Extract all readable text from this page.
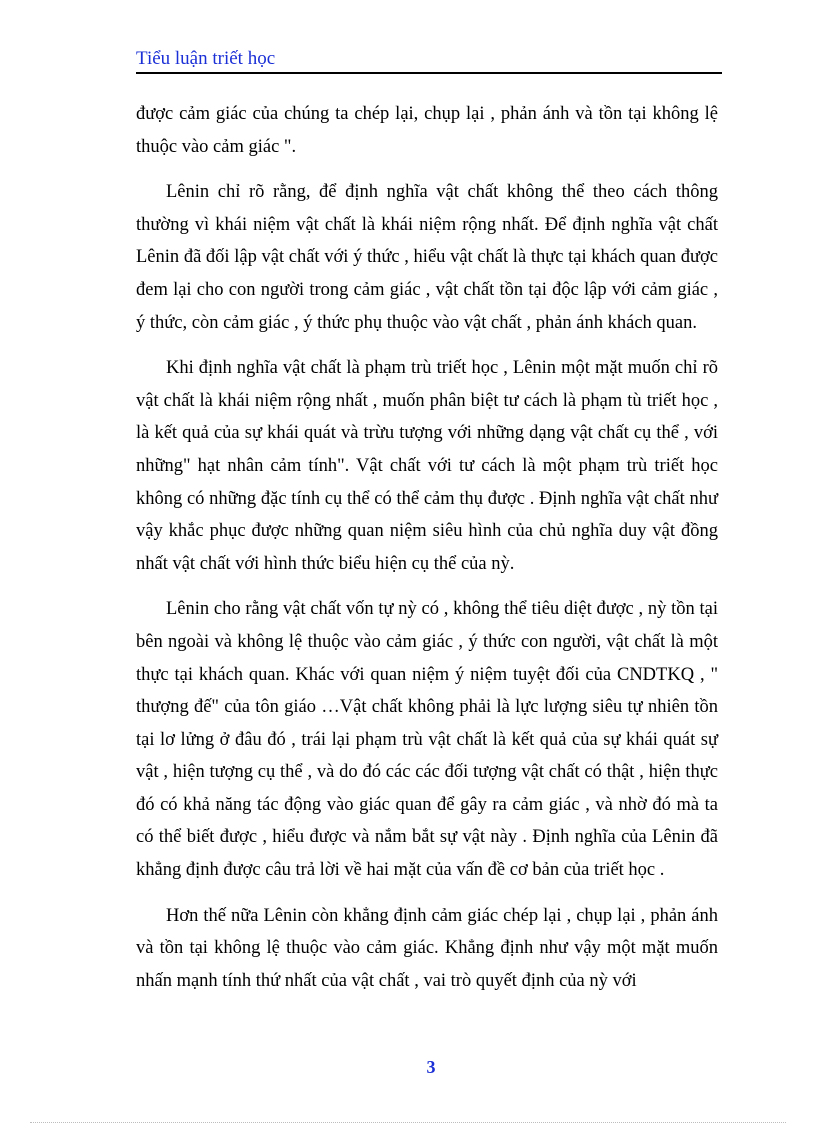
Tiểu luận triết học

được cảm giác của chúng ta chép lại, chụp lại , phản ánh và tồn tại không lệ thuộc vào cảm giác ".

Lênin chỉ rõ rằng, để định nghĩa vật chất không thể theo cách thông thường vì khái niệm vật chất là khái niệm rộng nhất. Để định nghĩa vật chất Lênin đã đối lập vật chất với ý thức , hiểu vật chất là thực tại khách quan được đem lại cho con người trong cảm giác , vật chất tồn tại độc lập với cảm giác , ý thức, còn cảm giác , ý thức phụ thuộc vào vật chất , phản ánh khách quan.

Khi định nghĩa vật chất là phạm trù triết học , Lênin một mặt muốn chỉ rõ vật chất là khái niệm rộng nhất , muốn phân biệt tư cách là phạm tù triết học , là kết quả của sự khái quát và trừu tượng với những dạng vật chất cụ thể , với những" hạt nhân cảm tính". Vật chất với tư cách là một phạm trù triết học không có những đặc tính cụ thể có thể cảm thụ được . Định nghĩa vật chất như vậy khắc phục được những quan niệm siêu hình của chủ nghĩa duy vật đồng nhất vật chất với hình thức biểu hiện cụ thể của nỳ.

Lênin cho rằng vật chất vốn tự nỳ có , không thể tiêu diệt được , nỳ tồn tại bên ngoài và không lệ thuộc vào cảm giác , ý thức con người, vật chất là một thực tại khách quan. Khác với quan niệm ý niệm tuyệt đối của CNDTKQ , " thượng đế" của tôn giáo …Vật chất không phải là lực lượng siêu tự nhiên tồn tại lơ lửng ở đâu đó , trái lại phạm trù vật chất là kết quả của sự khái quát sự vật , hiện tượng cụ thể , và do đó các các đối tượng vật chất có thật , hiện thực đó có khả năng tác động vào giác quan để gây ra cảm giác , và nhờ đó mà ta có thể biết được , hiểu được và nắm bắt sự vật này . Định nghĩa của Lênin đã khẳng định được câu trả lời về hai mặt của vấn đề cơ bản của triết học .

Hơn thế nữa Lênin còn khẳng định cảm giác chép lại , chụp lại , phản ánh và tồn tại không lệ thuộc vào cảm giác. Khẳng định như vậy một mặt muốn nhấn mạnh tính thứ nhất của vật chất , vai trò quyết định của nỳ với

3
